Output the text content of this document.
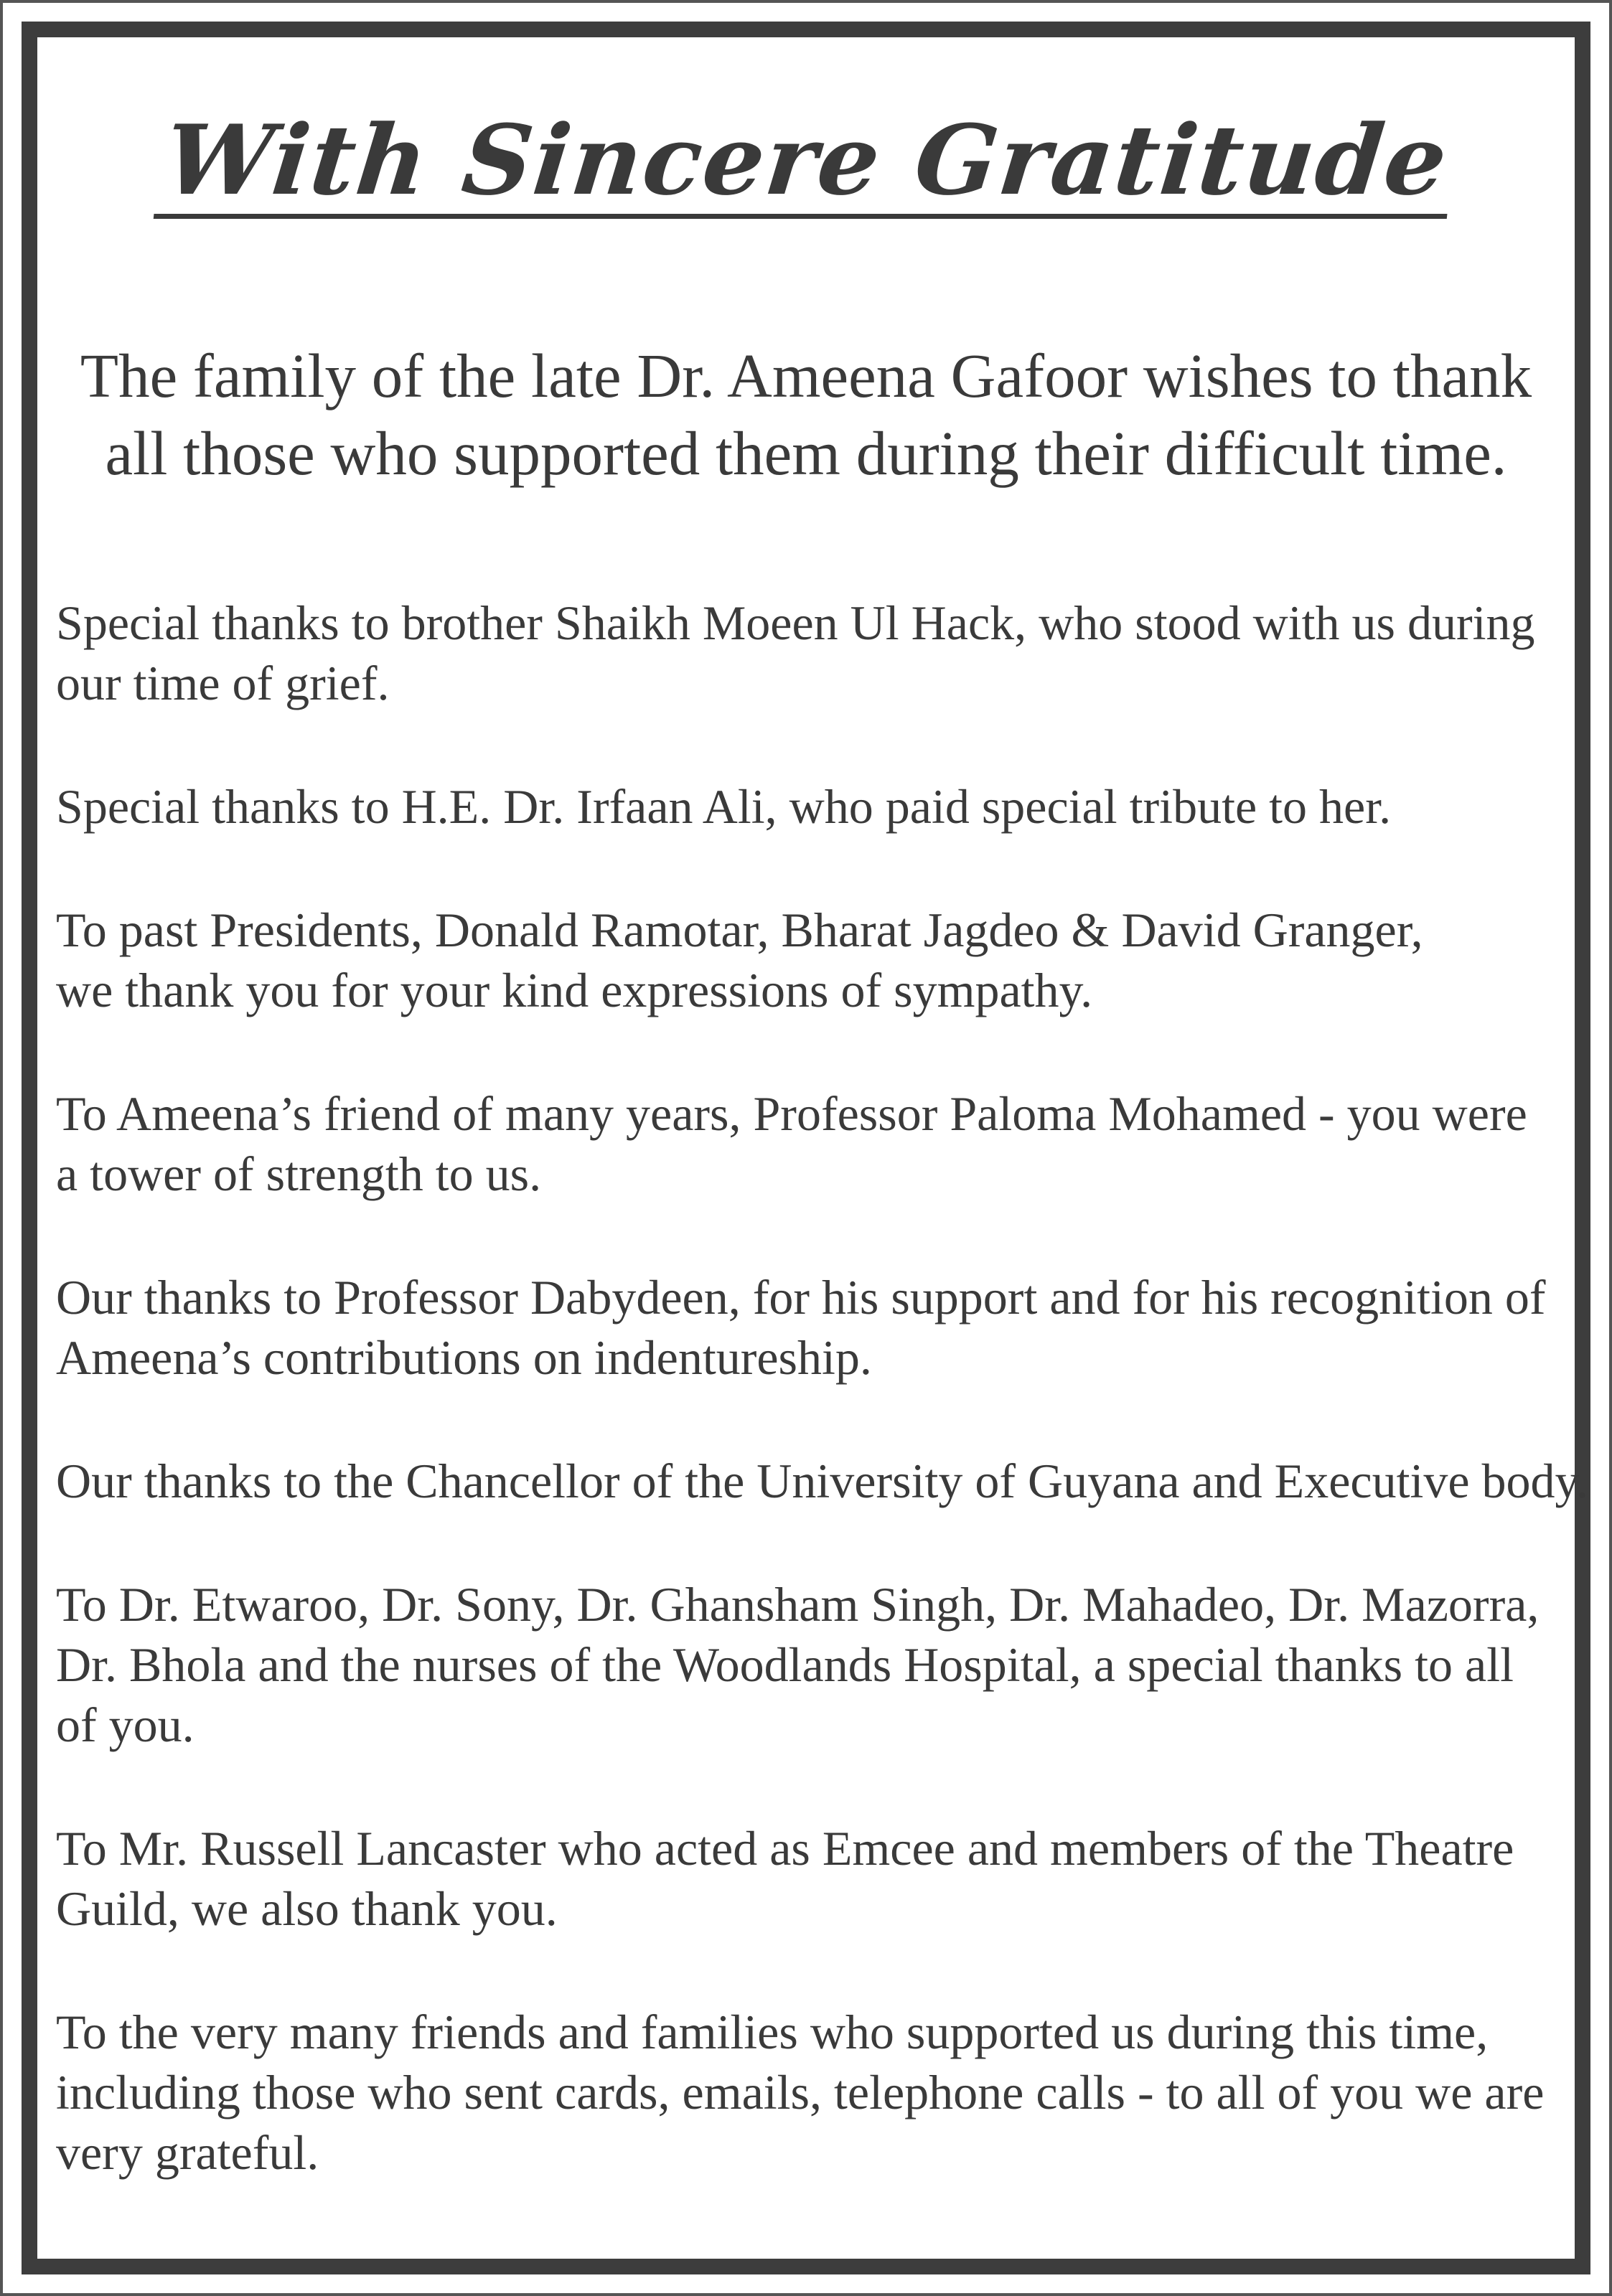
With Sincere Gratitude
The family of the late Dr. Ameena Gafoor wishes to thank
all those who supported them during their difficult time.

Special thanks to brother Shaikh Moeen Ul Hack, who stood with us during
our time of grief.

Special thanks to H.E. Dr. Irfaan Ali, who paid special tribute to her.

To past Presidents, Donald Ramotar, Bharat Jagdeo & David Granger,
we thank you for your kind expressions of sympathy.

To Ameena’s friend of many years, Professor Paloma Mohamed - you were
a tower of strength to us.

Our thanks to Professor Dabydeen, for his support and for his recognition of
Ameena’s contributions on indentureship.

Our thanks to the Chancellor of the University of Guyana and Executive body.

To Dr. Etwaroo, Dr. Sony, Dr. Ghansham Singh, Dr. Mahadeo, Dr. Mazorra,
Dr. Bhola and the nurses of the Woodlands Hospital, a special thanks to all
of you.

To Mr. Russell Lancaster who acted as Emcee and members of the Theatre
Guild, we also thank you.

To the very many friends and families who supported us during this time,
including those who sent cards, emails, telephone calls - to all of you we are
very grateful.
